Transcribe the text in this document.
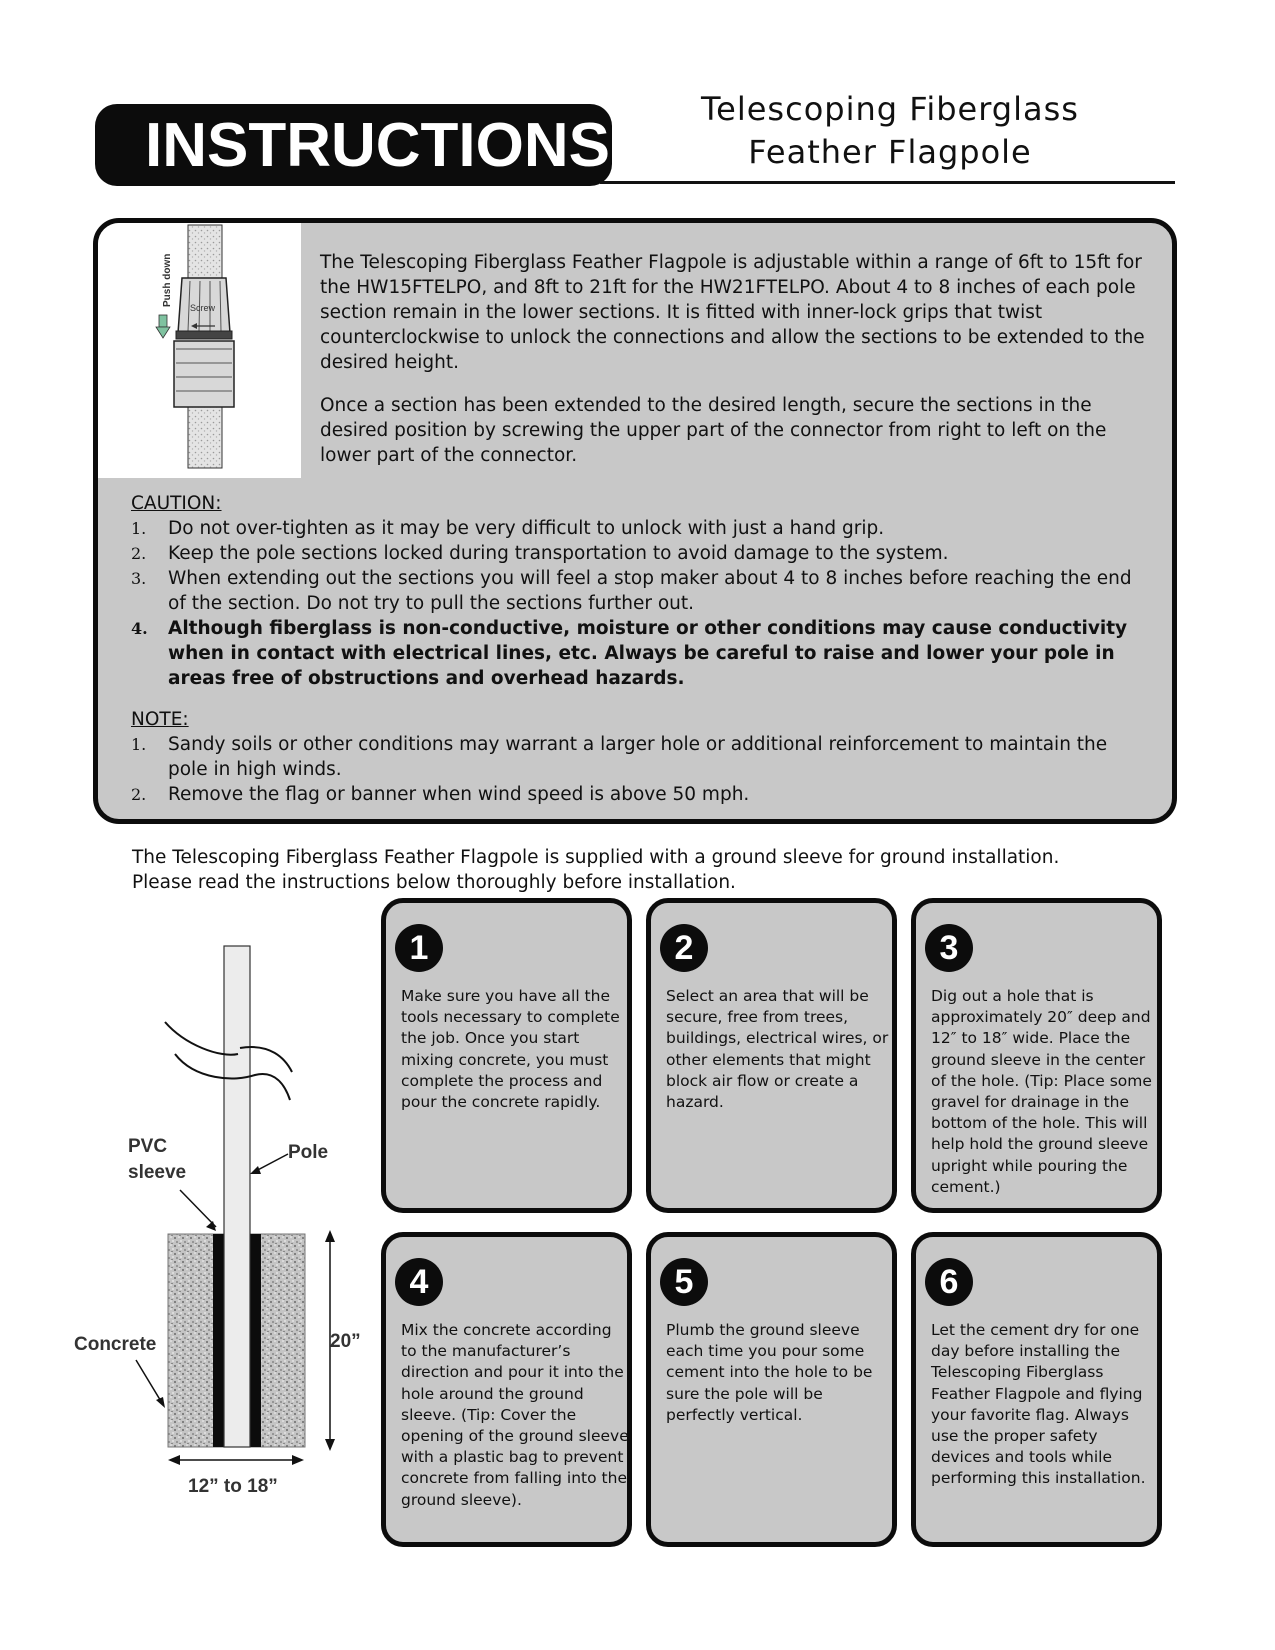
INSTRUCTIONS
Telescoping Fiberglass
Feather Flagpole
Screw
Push down	The Telescoping Fiberglass Feather Flagpole is adjustable within a range of 6ft to 15ft for the HW15FTELPO, and 8ft to 21ft for the HW21FTELPO. About 4 to 8 inches of each pole section remain in the lower sections. It is fitted with inner-lock grips that twist counterclockwise to unlock the connections and allow the sections to be extended to the desired height.

Once a section has been extended to the desired length, secure the sections in the desired position by screwing the upper part of the connector from right to left on the lower part of the connector.

CAUTION:

1. Do not over-tighten as it may be very difficult to unlock with just a hand grip.
2. Keep the pole sections locked during transportation to avoid damage to the system.
3. When extending out the sections you will feel a stop maker about 4 to 8 inches before reaching the end of the section. Do not try to pull the sections further out.
4. Although fiberglass is non-conductive, moisture or other conditions may cause conductivity when in contact with electrical lines, etc. Always be careful to raise and lower your pole in areas free of obstructions and overhead hazards.

NOTE:

1. Sandy soils or other conditions may warrant a larger hole or additional reinforcement to maintain the pole in high winds.
2. Remove the flag or banner when wind speed is above 50 mph.
The Telescoping Fiberglass Feather Flagpole is supplied with a ground sleeve for ground installation.
Please read the instructions below thoroughly before installation.
PVC
sleeve
Pole
Concrete	20”
12” to 18”
1
Make sure you have all the tools necessary to complete the job. Once you start mixing concrete, you must complete the process and pour the concrete rapidly.
2
Select an area that will be secure, free from trees, buildings, electrical wires, or other elements that might block air flow or create a hazard.
3
Dig out a hole that is approximately 20″ deep and 12″ to 18″ wide. Place the ground sleeve in the center of the hole. (Tip: Place some gravel for drainage in the bottom of the hole. This will help hold the ground sleeve upright while pouring the cement.)
4
Mix the concrete according to the manufacturer’s direction and pour it into the hole around the ground sleeve. (Tip: Cover the opening of the ground sleeve with a plastic bag to prevent concrete from falling into the ground sleeve).
5
Plumb the ground sleeve each time you pour some cement into the hole to be sure the pole will be perfectly vertical.
6
Let the cement dry for one day before installing the Telescoping Fiberglass Feather Flagpole and flying your favorite flag. Always use the proper safety devices and tools while performing this installation.
